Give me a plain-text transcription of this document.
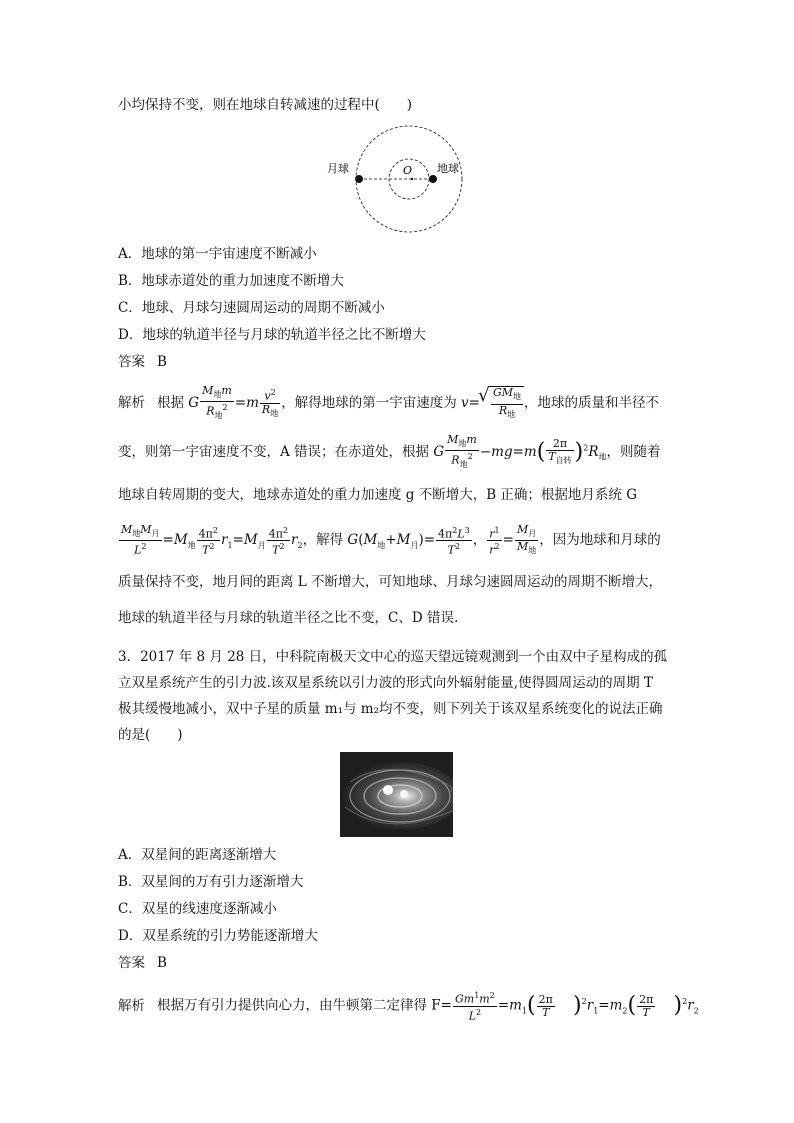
小均保持不变，则在地球自转减速的过程中(　　)
月球	地球
O
A．地球的第一宇宙速度不断减小
B．地球赤道处的重力加速度不断增大
C．地球、月球匀速圆周运动的周期不断减小
D．地球的轨道半径与月球的轨道半径之比不断增大
答案 B
解析 根据 G $\frac{M_地m}{R_地^2} =m \frac{v^2}{R_地}$ ，解得地球的第一宇宙速度为 v=
√ $\frac{GM_地}{R_地}$ ，地球的质量和半径不
变，则第一宇宙速度不变，A 错误；在赤道处，根据 G $\frac{M_地m}{R_地^2} -mg=m( \frac{2\pi}{T_{自转}} )^2R_地$，则随着
地球自转周期的变大，地球赤道处的重力加速度 g 不断增大，B 正确；根据地月系统 G
$\frac{M_地M_月}{L^2} =M_地 \frac{4\pi^2}{T^2} r_1=M_月 \frac{4\pi^2}{T^2} r_2$，解得 $G(M_地+M_月)= \frac{4\pi^2L^3}{T^2}$ ， $\frac{r^1}{r^2} = \frac{M_月}{M_地}$ ，因为地球和月球的
质量保持不变，地月间的距离 L 不断增大，可知地球、月球匀速圆周运动的周期不断增大，
地球的轨道半径与月球的轨道半径之比不变，C、D 错误.
3．2017 年 8 月 28 日，中科院南极天文中心的巡天望远镜观测到一个由双中子星构成的孤
立双星系统产生的引力波.该双星系统以引力波的形式向外辐射能量,使得圆周运动的周期 T
极其缓慢地减小，双中子星的质量 m₁与 m₂均不变，则下列关于该双星系统变化的说法正确
的是(　　)
A．双星间的距离逐渐增大
B．双星间的万有引力逐渐增大
C．双星的线速度逐渐减小
D．双星系统的引力势能逐渐增大
答案 B
解析 根据万有引力提供向心力，由牛顿第二定律得 $F= \frac{Gm^1m^2}{L^2} =m_1( \frac{2\pi}{T} )^2r_1=m_2( \frac{2\pi}{T} )^2r_2$
